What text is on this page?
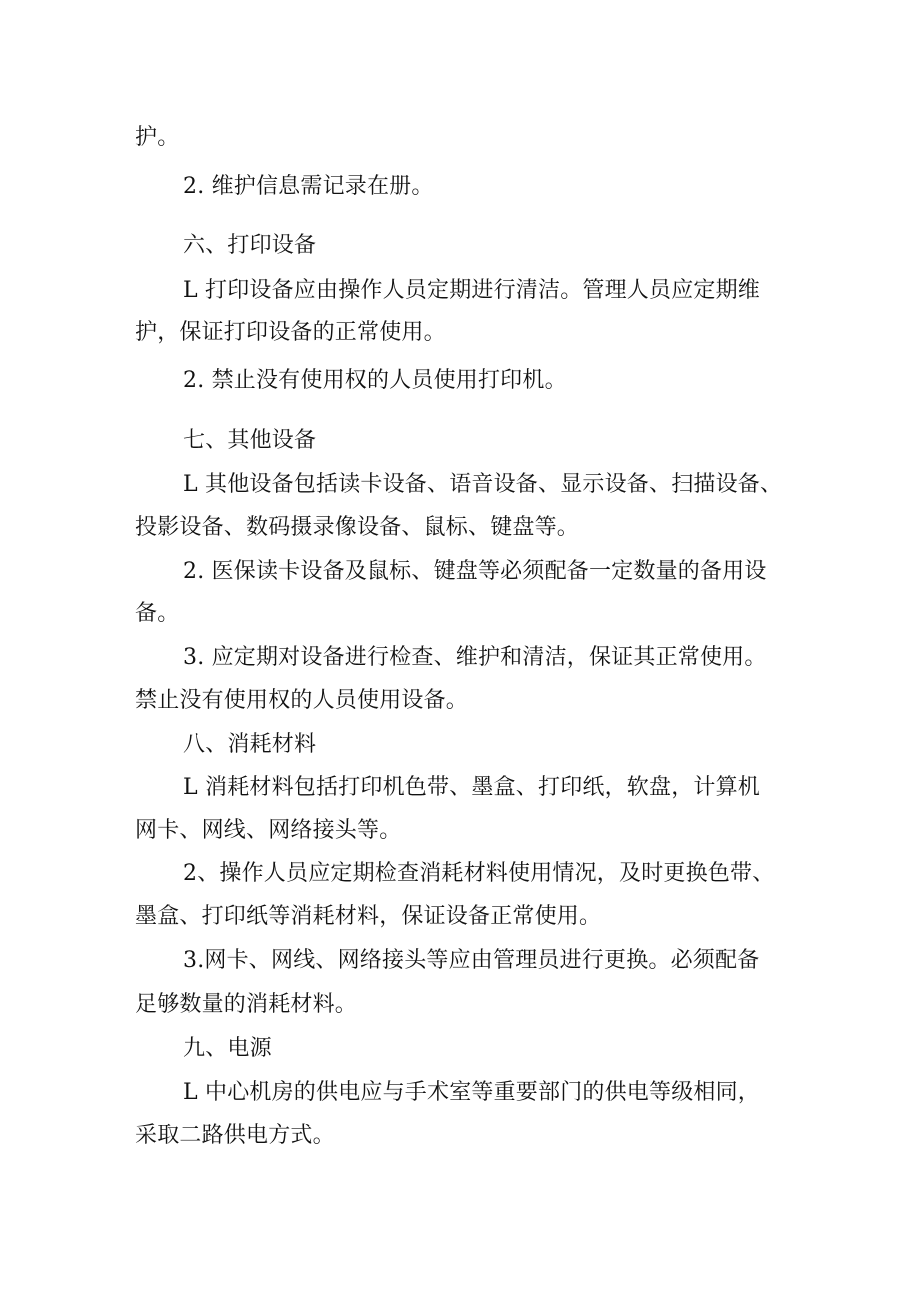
护。
2. 维护信息需记录在册。
六、打印设备
L 打印设备应由操作人员定期进行清洁。管理人员应定期维
护，保证打印设备的正常使用。
2. 禁止没有使用权的人员使用打印机。
七、其他设备
L 其他设备包括读卡设备、语音设备、显示设备、扫描设备、
投影设备、数码摄录像设备、鼠标、键盘等。
2. 医保读卡设备及鼠标、键盘等必须配备一定数量的备用设
备。
3. 应定期对设备进行检查、维护和清洁，保证其正常使用。
禁止没有使用权的人员使用设备。
八、消耗材料
L 消耗材料包括打印机色带、墨盒、打印纸，软盘，计算机
网卡、网线、网络接头等。
2、操作人员应定期检查消耗材料使用情况，及时更换色带、
墨盒、打印纸等消耗材料，保证设备正常使用。
3.网卡、网线、网络接头等应由管理员进行更换。必须配备
足够数量的消耗材料。
九、电源
L 中心机房的供电应与手术室等重要部门的供电等级相同，
采取二路供电方式。
